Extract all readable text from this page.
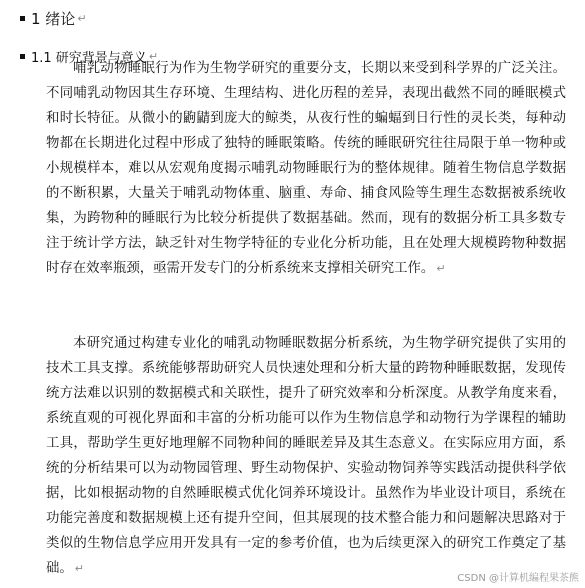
1 绪论 ↵
1.1 研究背景与意义 ↵

哺乳动物睡眠行为作为生物学研究的重要分支，长期以来受到科学界的广泛关注。不同哺乳动物因其生存环境、生理结构、进化历程的差异，表现出截然不同的睡眠模式和时长特征。从微小的鼩鼱到庞大的鲸类，从夜行性的蝙蝠到日行性的灵长类，每种动物都在长期进化过程中形成了独特的睡眠策略。传统的睡眠研究往往局限于单一物种或小规模样本，难以从宏观角度揭示哺乳动物睡眠行为的整体规律。随着生物信息学数据的不断积累，大量关于哺乳动物体重、脑重、寿命、捕食风险等生理生态数据被系统收集，为跨物种的睡眠行为比较分析提供了数据基础。然而，现有的数据分析工具多数专注于统计学方法，缺乏针对生物学特征的专业化分析功能，且在处理大规模跨物种数据时存在效率瓶颈，亟需开发专门的分析系统来支撑相关研究工作。 ↵

本研究通过构建专业化的哺乳动物睡眠数据分析系统，为生物学研究提供了实用的技术工具支撑。系统能够帮助研究人员快速处理和分析大量的跨物种睡眠数据，发现传统方法难以识别的数据模式和关联性，提升了研究效率和分析深度。从教学角度来看，系统直观的可视化界面和丰富的分析功能可以作为生物信息学和动物行为学课程的辅助工具，帮助学生更好地理解不同物种间的睡眠差异及其生态意义。在实际应用方面，系统的分析结果可以为动物园管理、野生动物保护、实验动物饲养等实践活动提供科学依据，比如根据动物的自然睡眠模式优化饲养环境设计。虽然作为毕业设计项目，系统在功能完善度和数据规模上还有提升空间，但其展现的技术整合能力和问题解决思路对于类似的生物信息学应用开发具有一定的参考价值，也为后续更深入的研究工作奠定了基础。 ↵

CSDN @计算机编程果茶熊
